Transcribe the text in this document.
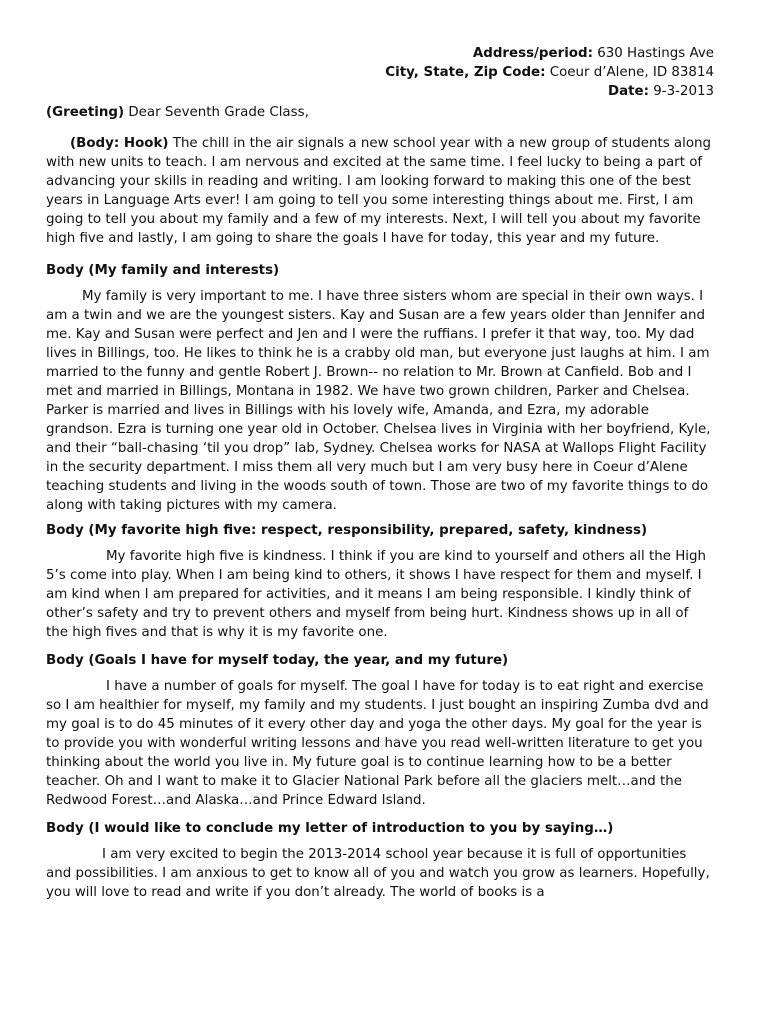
Address/period: 630 Hastings Ave
City, State, Zip Code: Coeur d’Alene, ID 83814
Date: 9-3-2013
(Greeting) Dear Seventh Grade Class,

(Body: Hook) The chill in the air signals a new school year with a new group of students along with new units to teach. I am nervous and excited at the same time. I feel lucky to being a part of advancing your skills in reading and writing. I am looking forward to making this one of the best years in Language Arts ever! I am going to tell you some interesting things about me. First, I am going to tell you about my family and a few of my interests. Next, I will tell you about my favorite high five and lastly, I am going to share the goals I have for today, this year and my future.

Body (My family and interests)

My family is very important to me. I have three sisters whom are special in their own ways. I am a twin and we are the youngest sisters. Kay and Susan are a few years older than Jennifer and me. Kay and Susan were perfect and Jen and I were the ruffians. I prefer it that way, too. My dad lives in Billings, too. He likes to think he is a crabby old man, but everyone just laughs at him. I am married to the funny and gentle Robert J. Brown-- no relation to Mr. Brown at Canfield. Bob and I met and married in Billings, Montana in 1982. We have two grown children, Parker and Chelsea. Parker is married and lives in Billings with his lovely wife, Amanda, and Ezra, my adorable grandson. Ezra is turning one year old in October. Chelsea lives in Virginia with her boyfriend, Kyle, and their “ball-chasing ‘til you drop” lab, Sydney. Chelsea works for NASA at Wallops Flight Facility in the security department. I miss them all very much but I am very busy here in Coeur d’Alene teaching students and living in the woods south of town. Those are two of my favorite things to do along with taking pictures with my camera.

Body (My favorite high five: respect, responsibility, prepared, safety, kindness)

My favorite high five is kindness. I think if you are kind to yourself and others all the High 5’s come into play. When I am being kind to others, it shows I have respect for them and myself. I am kind when I am prepared for activities, and it means I am being responsible. I kindly think of other’s safety and try to prevent others and myself from being hurt. Kindness shows up in all of the high fives and that is why it is my favorite one.

Body (Goals I have for myself today, the year, and my future)

I have a number of goals for myself. The goal I have for today is to eat right and exercise so I am healthier for myself, my family and my students. I just bought an inspiring Zumba dvd and my goal is to do 45 minutes of it every other day and yoga the other days. My goal for the year is to provide you with wonderful writing lessons and have you read well-written literature to get you thinking about the world you live in. My future goal is to continue learning how to be a better teacher. Oh and I want to make it to Glacier National Park before all the glaciers melt…and the Redwood Forest…and Alaska…and Prince Edward Island.

Body (I would like to conclude my letter of introduction to you by saying…)

I am very excited to begin the 2013-2014 school year because it is full of opportunities and possibilities. I am anxious to get to know all of you and watch you grow as learners. Hopefully, you will love to read and write if you don’t already. The world of books is a
